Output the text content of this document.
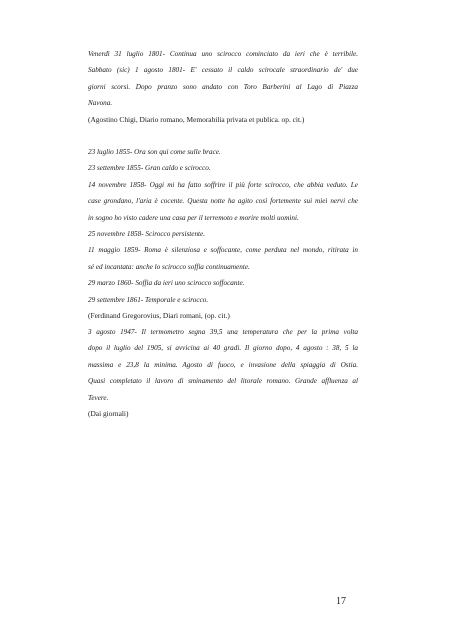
Venerdì 31 luglio 1801- Continua uno scirocco cominciato da ieri che è terribile.
Sabbato (sic) 1 agosto 1801- E' cessato il caldo scirocale straordinario de' due
giorni scorsi. Dopo pranzo sono andato con Toro Barberini al Lago di Piazza
Navona.
(Agostino Chigi, Diario romano, Memorabilia privata et publica. op. cit.)
23 luglio 1855- Ora son qui come sulle brace.
23 settembre 1855- Gran caldo e scirocco.
14 novembre 1858- Oggi mi ha fatto soffrire il più forte scirocco, che abbia veduto. Le
case grondano, l'aria è cocente. Questa notte ha agito così fortemente sui miei nervi che
in sogno ho visto cadere una casa per il terremoto e morire molti uomini.
25 novembre 1858- Scirocco persistente.
11 maggio 1859- Roma è silenziosa e soffocante, come perduta nel mondo, ritirata in
sé ed incantata: anche lo scirocco soffia continuamente.
29 marzo 1860- Soffia da ieri uno scirocco soffocante.
29 settembre 1861- Temporale e scirocco.
(Ferdinand Gregorovius, Diari romani, (op. cit.)
3 agosto 1947- Il termometro segna 39,5 una temperatura che per la prima volta
dopo il luglio del 1905, si avvicina ai 40 gradi. Il giorno dopo, 4 agosto : 38, 5 la
massima e 23,8 la minima. Agosto di fuoco, e invasione della spiaggia di Ostia.
Quasi completato il lavoro di sminamento del litorale romano. Grande affluenza al
Tevere.
(Dai giornali)
17
